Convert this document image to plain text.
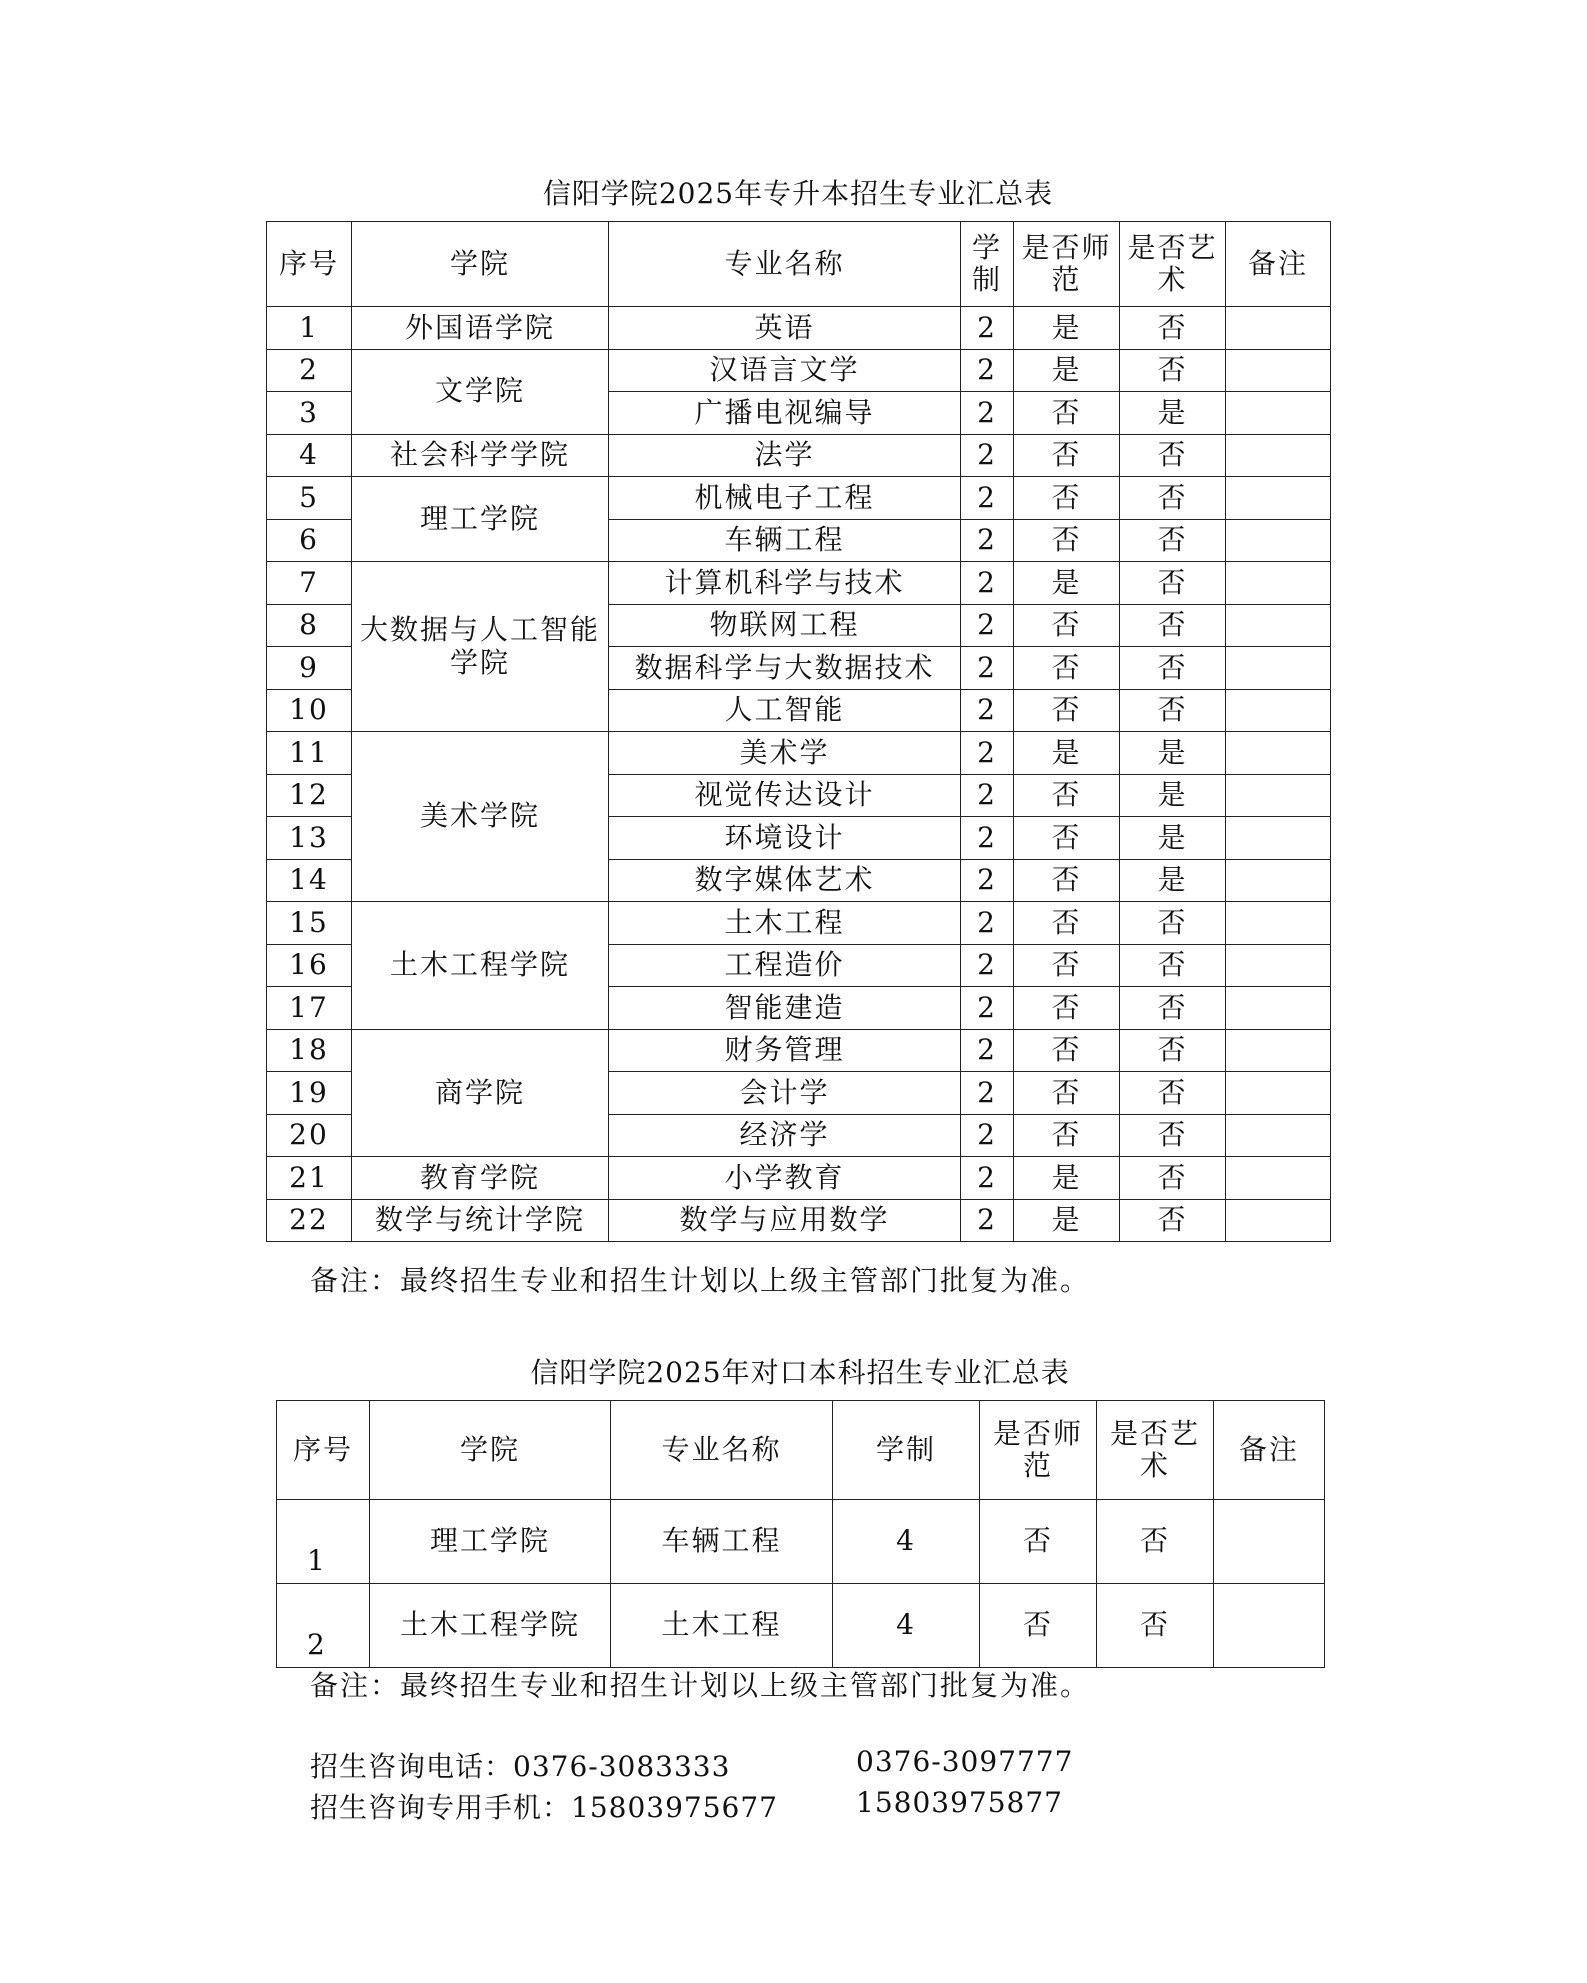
信阳学院2025年专升本招生专业汇总表
序号	学院	专业名称	学制	是否师范	是否艺术	备注
1	外国语学院	英语	2	是	否	
2	文学院	汉语言文学	2	是	否	
3		广播电视编导	2	否	是	
4	社会科学学院	法学	2	否	否	
5	理工学院	机械电子工程	2	否	否	
6		车辆工程	2	否	否	
7	大数据与人工智能学院	计算机科学与技术	2	是	否	
8		物联网工程	2	否	否	
9		数据科学与大数据技术	2	否	否	
10		人工智能	2	否	否	
11	美术学院	美术学	2	是	是	
12		视觉传达设计	2	否	是	
13		环境设计	2	否	是	
14		数字媒体艺术	2	否	是	
15	土木工程学院	土木工程	2	否	否	
16		工程造价	2	否	否	
17		智能建造	2	否	否	
18	商学院	财务管理	2	否	否	
19		会计学	2	否	否	
20		经济学	2	否	否	
21	教育学院	小学教育	2	是	否	
22	数学与统计学院	数学与应用数学	2	是	否	
备注：最终招生专业和招生计划以上级主管部门批复为准。
信阳学院2025年对口本科招生专业汇总表
序号	学院	专业名称	学制	是否师范	是否艺术	备注
1	理工学院	车辆工程	4	否	否	
2	土木工程学院	土木工程	4	否	否	
备注：最终招生专业和招生计划以上级主管部门批复为准。
招生咨询电话：0376-3083333	0376-3097777
招生咨询专用手机：15803975677	15803975877
